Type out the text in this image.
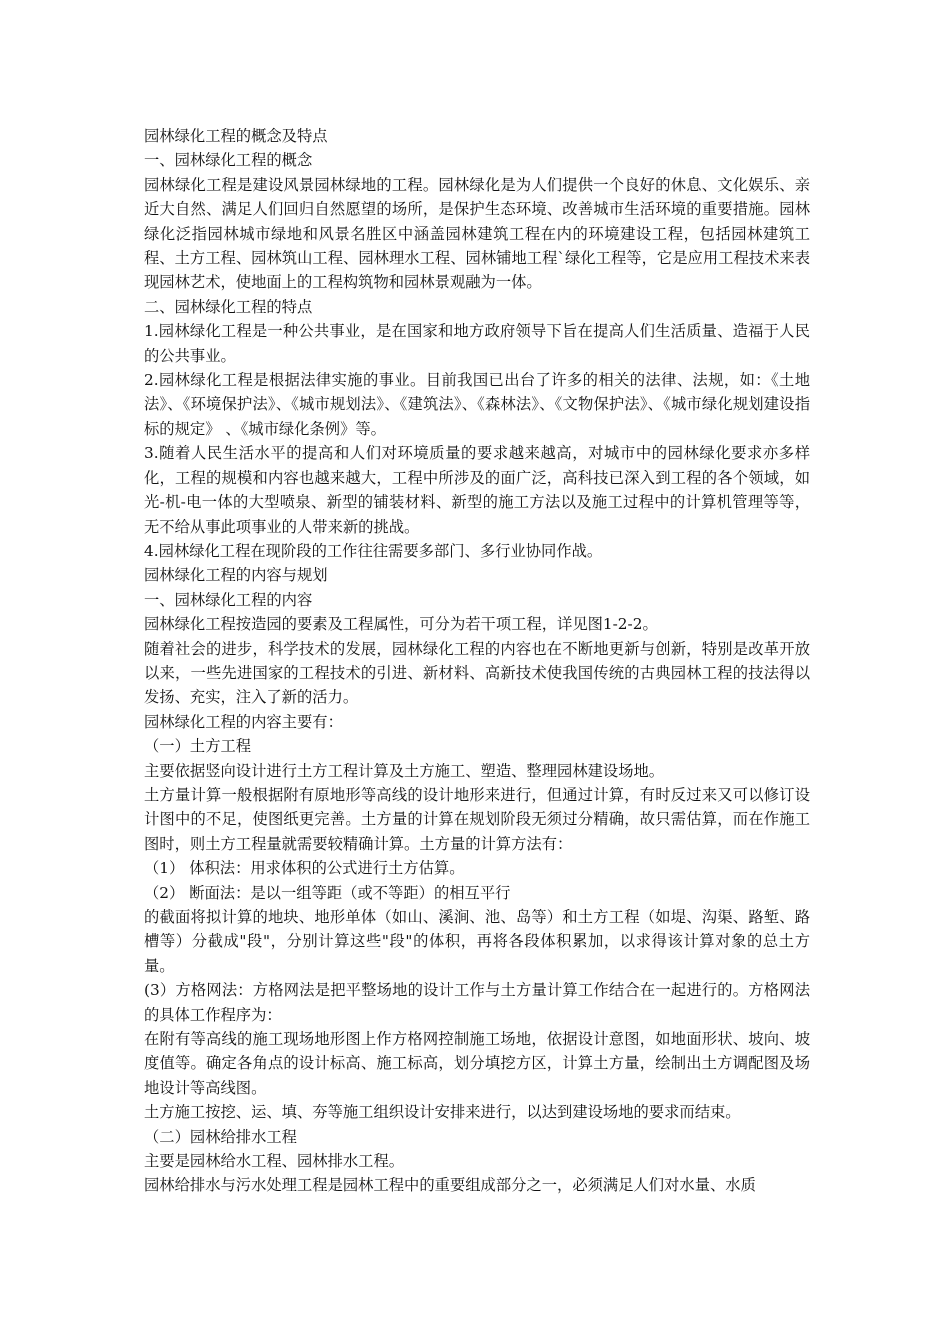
园林绿化工程的概念及特点

一、园林绿化工程的概念

园林绿化工程是建设风景园林绿地的工程。园林绿化是为人们提供一个良好的休息、文化娱乐、亲近大自然、满足人们回归自然愿望的场所，是保护生态环境、改善城市生活环境的重要措施。园林绿化泛指园林城市绿地和风景名胜区中涵盖园林建筑工程在内的环境建设工程，包括园林建筑工程、土方工程、园林筑山工程、园林理水工程、园林铺地工程`绿化工程等，它是应用工程技术来表现园林艺术，使地面上的工程构筑物和园林景观融为一体。

二、园林绿化工程的特点

1.园林绿化工程是一种公共事业，是在国家和地方政府领导下旨在提高人们生活质量、造福于人民的公共事业。

2.园林绿化工程是根据法律实施的事业。目前我国已出台了许多的相关的法律、法规，如：《土地法》、《环境保护法》、《城市规划法》、《建筑法》、《森林法》、《文物保护法》、《城市绿化规划建设指标的规定》 、《城市绿化条例》等。

3.随着人民生活水平的提高和人们对环境质量的要求越来越高，对城市中的园林绿化要求亦多样化，工程的规模和内容也越来越大，工程中所涉及的面广泛，高科技已深入到工程的各个领域，如光-机-电一体的大型喷泉、新型的铺装材料、新型的施工方法以及施工过程中的计算机管理等等，无不给从事此项事业的人带来新的挑战。

4.园林绿化工程在现阶段的工作往往需要多部门、多行业协同作战。

园林绿化工程的内容与规划

一、园林绿化工程的内容

园林绿化工程按造园的要素及工程属性，可分为若干项工程，详见图1-2-2。

随着社会的进步，科学技术的发展，园林绿化工程的内容也在不断地更新与创新，特别是改革开放以来，一些先进国家的工程技术的引进、新材料、高新技术使我国传统的古典园林工程的技法得以发扬、充实，注入了新的活力。

园林绿化工程的内容主要有：

（一）土方工程

主要依据竖向设计进行土方工程计算及土方施工、塑造、整理园林建设场地。

土方量计算一般根据附有原地形等高线的设计地形来进行，但通过计算，有时反过来又可以修订设计图中的不足，使图纸更完善。土方量的计算在规划阶段无须过分精确，故只需估算，而在作施工图时，则土方工程量就需要较精确计算。土方量的计算方法有：

（1） 体积法：用求体积的公式进行土方估算。

（2） 断面法：是以一组等距（或不等距）的相互平行

的截面将拟计算的地块、地形单体（如山、溪涧、池、岛等）和土方工程（如堤、沟渠、路堑、路槽等）分截成"段"，分别计算这些"段"的体积，再将各段体积累加，以求得该计算对象的总土方量。

(3）方格网法：方格网法是把平整场地的设计工作与土方量计算工作结合在一起进行的。方格网法的具体工作程序为：

在附有等高线的施工现场地形图上作方格网控制施工场地，依据设计意图，如地面形状、坡向、坡度值等。确定各角点的设计标高、施工标高，划分填挖方区，计算土方量，绘制出土方调配图及场地设计等高线图。

土方施工按挖、运、填、夯等施工组织设计安排来进行，以达到建设场地的要求而结束。

（二）园林给排水工程

主要是园林给水工程、园林排水工程。

园林给排水与污水处理工程是园林工程中的重要组成部分之一，必须满足人们对水量、水质
